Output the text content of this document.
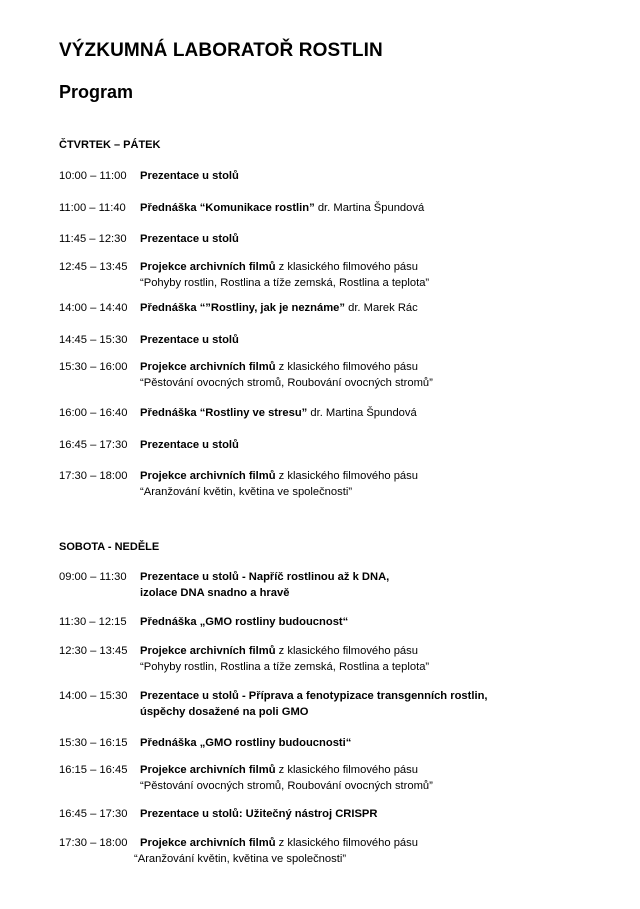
VÝZKUMNÁ LABORATOŘ ROSTLIN
Program
ČTVRTEK – PÁTEK
10:00 – 11:00 Prezentace u stolů
11:00 – 11:40 Přednáška “Komunikace rostlin” dr. Martina Špundová
11:45 – 12:30 Prezentace u stolů
12:45 – 13:45 Projekce archivních filmů z klasického filmového pásu
“Pohyby rostlin, Rostlina a tíže zemská, Rostlina a teplota”
14:00 – 14:40 Přednáška “”Rostliny, jak je neznáme” dr. Marek Rác
14:45 – 15:30 Prezentace u stolů
15:30 – 16:00 Projekce archivních filmů z klasického filmového pásu
“Pěstování ovocných stromů, Roubování ovocných stromů”
16:00 – 16:40 Přednáška “Rostliny ve stresu” dr. Martina Špundová
16:45 – 17:30 Prezentace u stolů
17:30 – 18:00 Projekce archivních filmů z klasického filmového pásu
“Aranžování květin, květina ve společnosti”
SOBOTA - NEDĚLE
09:00 – 11:30 Prezentace u stolů - Napříč rostlinou až k DNA,
izolace DNA snadno a hravě
11:30 – 12:15 Přednáška „GMO rostliny budoucnost“
12:30 – 13:45 Projekce archivních filmů z klasického filmového pásu
“Pohyby rostlin, Rostlina a tíže zemská, Rostlina a teplota”
14:00 – 15:30 Prezentace u stolů - Příprava a fenotypizace transgenních rostlin,
úspěchy dosažené na poli GMO
15:30 – 16:15 Přednáška „GMO rostliny budoucnosti“
16:15 – 16:45 Projekce archivních filmů z klasického filmového pásu
“Pěstování ovocných stromů, Roubování ovocných stromů”
16:45 – 17:30 Prezentace u stolů: Užitečný nástroj CRISPR
17:30 – 18:00 Projekce archivních filmů z klasického filmového pásu
“Aranžování květin, květina ve společnosti”
